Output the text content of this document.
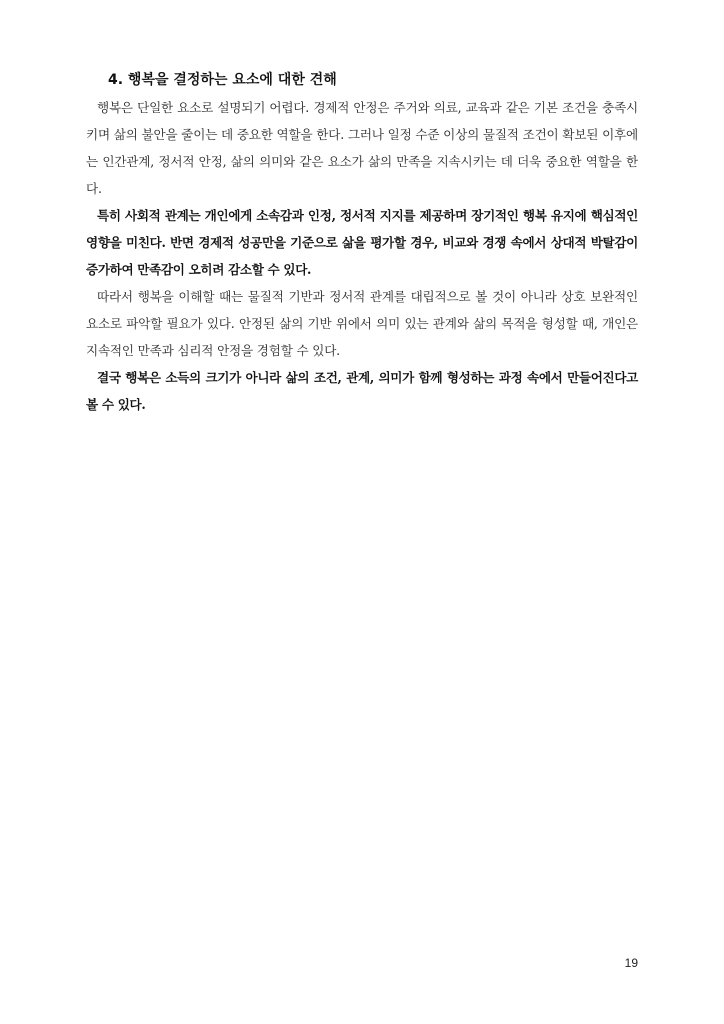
4. 행복을 결정하는 요소에 대한 견해

행복은 단일한 요소로 설명되기 어렵다. 경제적 안정은 주거와 의료, 교육과 같은 기본 조건을 충족시키며 삶의 불안을 줄이는 데 중요한 역할을 한다. 그러나 일정 수준 이상의 물질적 조건이 확보된 이후에는 인간관계, 정서적 안정, 삶의 의미와 같은 요소가 삶의 만족을 지속시키는 데 더욱 중요한 역할을 한다.

특히 사회적 관계는 개인에게 소속감과 인정, 정서적 지지를 제공하며 장기적인 행복 유지에 핵심적인 영향을 미친다. 반면 경제적 성공만을 기준으로 삶을 평가할 경우, 비교와 경쟁 속에서 상대적 박탈감이 증가하여 만족감이 오히려 감소할 수 있다.

따라서 행복을 이해할 때는 물질적 기반과 정서적 관계를 대립적으로 볼 것이 아니라 상호 보완적인 요소로 파악할 필요가 있다. 안정된 삶의 기반 위에서 의미 있는 관계와 삶의 목적을 형성할 때, 개인은 지속적인 만족과 심리적 안정을 경험할 수 있다.

결국 행복은 소득의 크기가 아니라 삶의 조건, 관계, 의미가 함께 형성하는 과정 속에서 만들어진다고 볼 수 있다.

19
